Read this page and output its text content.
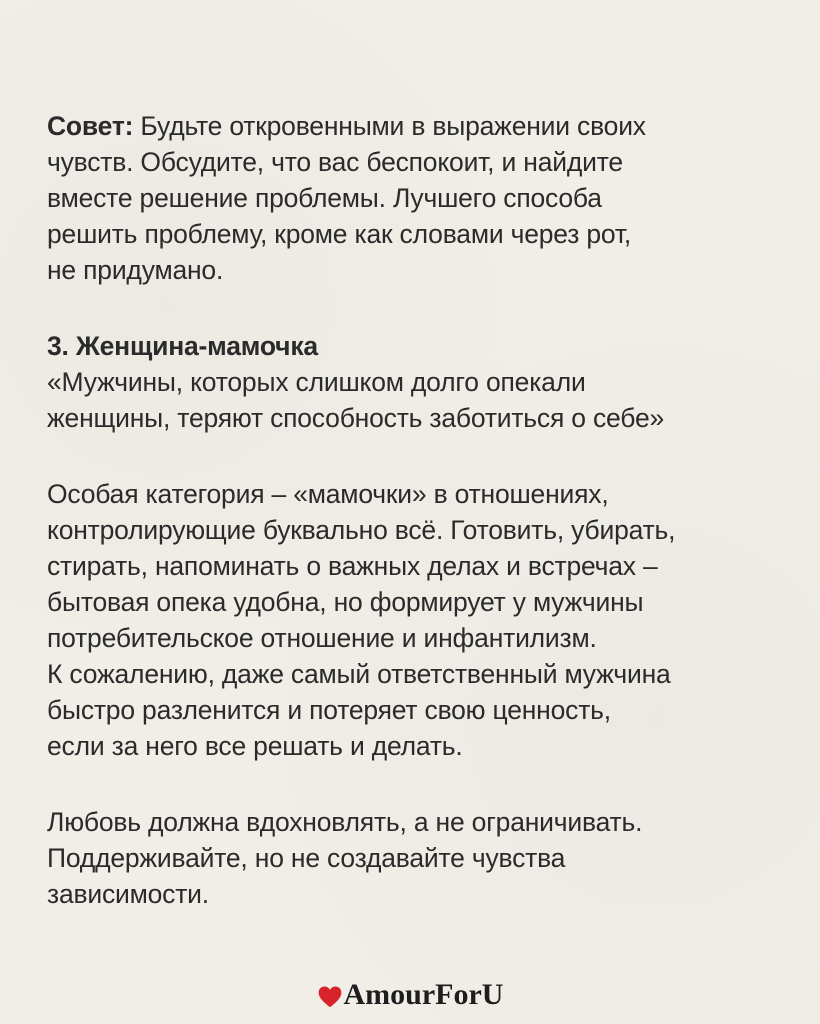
Совет: Будьте откровенными в выражении своих
чувств. Обсудите, что вас беспокоит, и найдите
вместе решение проблемы. Лучшего способа
решить проблему, кроме как словами через рот,
не придумано.
3. Женщина-мамочка
«Мужчины, которых слишком долго опекали
женщины, теряют способность заботиться о себе»
Особая категория – «мамочки» в отношениях,
контролирующие буквально всё. Готовить, убирать,
стирать, напоминать о важных делах и встречах –
бытовая опека удобна, но формирует у мужчины
потребительское отношение и инфантилизм.
К сожалению, даже самый ответственный мужчина
быстро разленится и потеряет свою ценность,
если за него все решать и делать.
Любовь должна вдохновлять, а не ограничивать.
Поддерживайте, но не создавайте чувства
зависимости.
AmourForU
